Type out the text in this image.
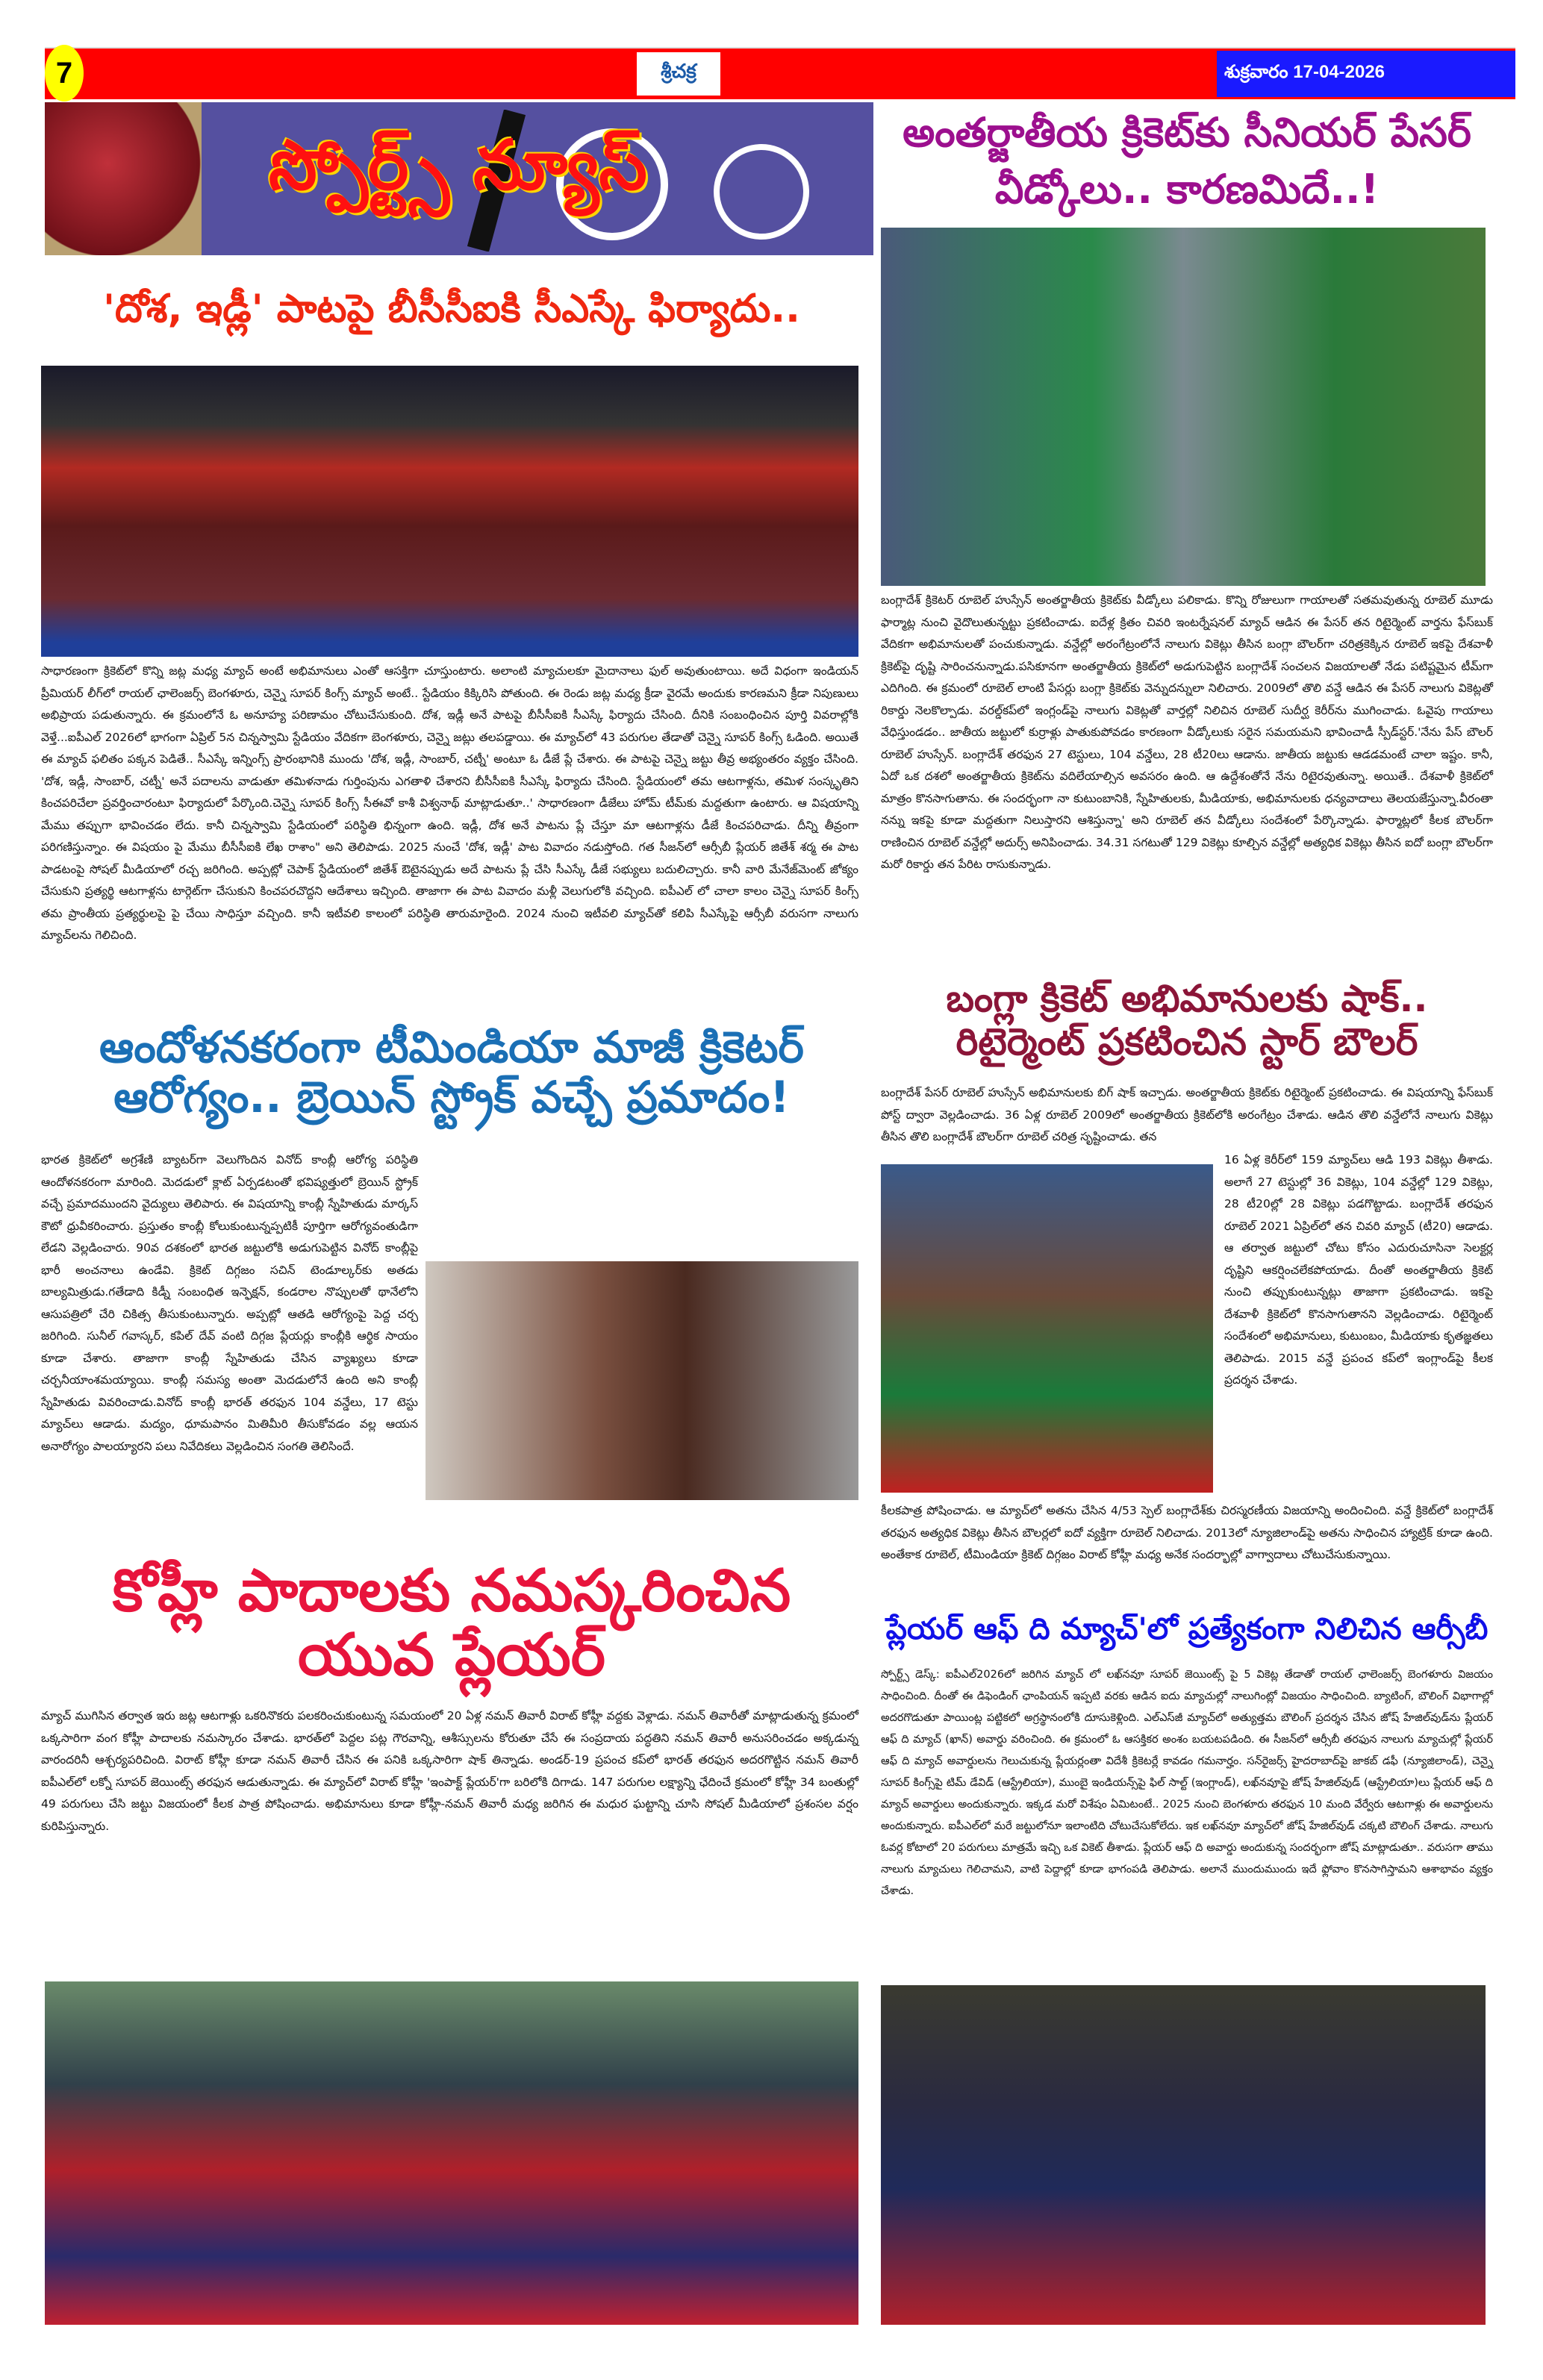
7	శ్రీచక్ర	శుక్రవారం 17-04-2026
స్పోర్ట్స్ న్యూస్
'దోశ, ఇడ్లీ' పాటపై బీసీసీఐకి సీఎస్కే ఫిర్యాదు..
సాధారణంగా క్రికెట్‌లో కొన్ని జట్ల మధ్య మ్యాచ్ అంటే అభిమానులు ఎంతో ఆసక్తిగా చూస్తుంటారు. అలాంటి మ్యాచులకూ మైదానాలు ఫుల్ అవుతుంటాయి. అదే విధంగా ఇండియన్ ప్రీమియర్ లీగ్‌లో రాయల్ ఛాలెంజర్స్ బెంగళూరు, చెన్నై సూపర్ కింగ్స్ మ్యాచ్ అంటే.. స్టేడియం కిక్కిరిసి పోతుంది. ఈ రెండు జట్ల మధ్య క్రీడా వైరమే అందుకు కారణమని క్రీడా నిపుణులు అభిప్రాయ పడుతున్నారు. ఈ క్రమంలోనే ఓ అనూహ్య పరిణామం చోటుచేసుకుంది. దోశ, ఇడ్లీ అనే పాటపై బీసీసీఐకి సీఎస్కే ఫిర్యాదు చేసింది. దీనికి సంబంధించిన పూర్తి వివరాల్లోకి వెళ్తే...ఐపీఎల్ 2026లో భాగంగా ఏప్రిల్ 5న చిన్నస్వామి స్టేడియం వేదికగా బెంగళూరు, చెన్నై జట్లు తలపడ్డాయి. ఈ మ్యాచ్‌లో 43 పరుగుల తేడాతో చెన్నై సూపర్ కింగ్స్ ఓడింది. అయితే ఈ మ్యాచ్ ఫలితం పక్కన పెడితే.. సీఎస్కే ఇన్నింగ్స్ ప్రారంభానికి ముందు 'దోశ, ఇడ్లీ, సాంబార్, చట్నీ' అంటూ ఓ డీజే ప్లే చేశారు. ఈ పాటపై చెన్నై జట్టు తీవ్ర అభ్యంతరం వ్యక్తం చేసింది. 'దోశ, ఇడ్లీ, సాంబార్, చట్నీ' అనే పదాలను వాడుతూ తమిళనాడు గుర్తింపును ఎగతాళి చేశారని బీసీసీఐకి సీఎస్కే ఫిర్యాదు చేసింది. స్టేడియంలో తమ ఆటగాళ్లను, తమిళ సంస్కృతిని కించపరిచేలా ప్రవర్తించారంటూ ఫిర్యాదులో పేర్కొంది.చెన్నై సూపర్ కింగ్స్ సీఈవో కాశీ విశ్వనాథ్ మాట్లాడుతూ..' సాధారణంగా డీజేలు హోమ్ టీమ్‌కు మద్దతుగా ఉంటారు. ఆ విషయాన్ని మేము తప్పుగా భావించడం లేదు. కానీ చిన్నస్వామి స్టేడియంలో పరిస్థితి భిన్నంగా ఉంది. ఇడ్లీ, దోశ అనే పాటను ప్లే చేస్తూ మా ఆటగాళ్లను డీజే కించపరిచాడు. దీన్ని తీవ్రంగా పరిగణిస్తున్నాం. ఈ విషయం పై మేము బీసీసీఐకి లేఖ రాశాం" అని తెలిపాడు. 2025 నుంచే 'దోశ, ఇడ్లీ' పాట వివాదం నడుస్తోంది. గత సీజన్‌లో ఆర్సీబీ ప్లేయర్ జితేశ్ శర్మ ఈ పాట పాడటంపై సోషల్ మీడియాలో రచ్చ జరిగింది. అప్పట్లో చెపాక్ స్టేడియంలో జితేశ్ ఔటైనప్పుడు అదే పాటను ప్లే చేసి సీఎస్కే డీజే సభ్యులు బదులిచ్చారు. కానీ వారి మేనేజ్‌మెంట్ జోక్యం చేసుకుని ప్రత్యర్థి ఆటగాళ్లను టార్గెట్‌గా చేసుకుని కించపరచొద్దని ఆదేశాలు ఇచ్చింది. తాజాగా ఈ పాట వివాదం మళ్లీ వెలుగులోకి వచ్చింది. ఐపీఎల్ లో చాలా కాలం చెన్నై సూపర్ కింగ్స్ తమ ప్రాంతీయ ప్రత్యర్థులపై పై చేయి సాధిస్తూ వచ్చింది. కానీ ఇటీవలి కాలంలో పరిస్థితి తారుమారైంది. 2024 నుంచి ఇటీవలి మ్యాచ్‌తో కలిపి సీఎస్కేపై ఆర్సీబీ వరుసగా నాలుగు మ్యాచ్‌లను గెలిచింది.
ఆందోళనకరంగా టీమిండియా మాజీ క్రికెటర్ ఆరోగ్యం.. బ్రెయిన్ స్ట్రోక్ వచ్చే ప్రమాదం!
భారత క్రికెట్‌లో అగ్రశేణి బ్యాటర్‌గా వెలుగొందిన వినోద్ కాంబ్లీ ఆరోగ్య పరిస్థితి ఆందోళనకరంగా మారింది. మెదడులో క్లాట్ ఏర్పడటంతో భవిష్యత్తులో బ్రెయిన్ స్ట్రోక్ వచ్చే ప్రమాదముందని వైద్యులు తెలిపారు. ఈ విషయాన్ని కాంబ్లీ స్నేహితుడు మార్కస్ కౌటో ధ్రువీకరించారు. ప్రస్తుతం కాంబ్లీ కోలుకుంటున్నప్పటికీ పూర్తిగా ఆరోగ్యవంతుడిగా లేడని వెల్లడించారు. 90వ దశకంలో భారత జట్టులోకి అడుగుపెట్టిన వినోద్ కాంబ్లీపై భారీ అంచనాలు ఉండేవి. క్రికెట్ దిగ్గజం సచిన్ టెండూల్కర్‌కు అతడు బాల్యమిత్రుడు.గతేడాది కిడ్నీ సంబంధిత ఇన్ఫెక్షన్, కండరాల నొప్పులతో థానేలోని ఆసుపత్రిలో చేరి చికిత్స తీసుకుంటున్నారు. అప్పట్లో ఆతడి ఆరోగ్యంపై పెద్ద చర్చ జరిగింది. సునీల్ గవాస్కర్, కపిల్ దేవ్ వంటి దిగ్గజ ప్లేయర్లు కాంబ్లీకి ఆర్థిక సాయం కూడా చేశారు. తాజాగా కాంబ్లీ స్నేహితుడు చేసిన వ్యాఖ్యలు కూడా చర్చనీయాంశమయ్యాయి. కాంబ్లీ సమస్య అంతా మెదడులోనే ఉంది అని కాంబ్లీ స్నేహితుడు వివరించాడు.వినోద్ కాంబ్లీ భారత్ తరఫున 104 వన్డేలు, 17 టెస్టు మ్యాచ్‌లు ఆడాడు. మద్యం, ధూమపానం మితిమీరి తీసుకోవడం వల్ల ఆయన అనారోగ్యం పాలయ్యారని పలు నివేదికలు వెల్లడించిన సంగతి తెలిసిందే.
కోహ్లీ పాదాలకు నమస్కరించిన యువ ప్లేయర్
మ్యాచ్ ముగిసిన తర్వాత ఇరు జట్ల ఆటగాళ్లు ఒకరినొకరు పలకరించుకుంటున్న సమయంలో 20 ఏళ్ల నమన్ తివారీ విరాట్ కోహ్లీ వద్దకు వెళ్లాడు. నమన్ తివారీతో మాట్లాడుతున్న క్రమంలో ఒక్కసారిగా వంగ కోహ్లీ పాదాలకు నమస్కారం చేశాడు. భారత్‌లో పెద్దల పట్ల గౌరవాన్ని, ఆశీస్సులను కోరుతూ చేసే ఈ సంప్రదాయ పద్ధతిని నమన్ తివారీ అనుసరించడం అక్కడున్న వారందరినీ ఆశ్చర్యపరిచింది. విరాట్ కోహ్లీ కూడా నమన్ తివారీ చేసిన ఈ పనికి ఒక్కసారిగా షాక్ తిన్నాడు. అండర్-19 ప్రపంచ కప్‌లో భారత్ తరఫున అదరగొట్టిన నమన్ తివారీ ఐపీఎల్‌లో లక్నో సూపర్ జెయింట్స్ తరఫున ఆడుతున్నాడు. ఈ మ్యాచ్‌లో విరాట్ కోహ్లీ 'ఇంపాక్ట్ ప్లేయర్'గా బరిలోకి దిగాడు. 147 పరుగుల లక్ష్యాన్ని ఛేదించే క్రమంలో కోహ్లీ 34 బంతుల్లో 49 పరుగులు చేసి జట్టు విజయంలో కీలక పాత్ర పోషించాడు. అభిమానులు కూడా కోహ్లీ-నమన్ తివారీ మధ్య జరిగిన ఈ మధుర ఘట్టాన్ని చూసి సోషల్ మీడియాలో ప్రశంసల వర్షం కురిపిస్తున్నారు.
అంతర్జాతీయ క్రికెట్‌కు సీనియర్ పేసర్ వీడ్కోలు.. కారణమిదే..!
బంగ్లాదేశ్ క్రికెటర్ రూబెల్ హుస్సేన్ అంతర్జాతీయ క్రికెట్‌కు వీడ్కోలు పలికాడు. కొన్ని రోజులుగా గాయాలతో సతమవుతున్న రూబెల్ మూడు ఫార్మాట్ల నుంచి వైదొలుతున్నట్టు ప్రకటించాడు. ఐదేళ్ల క్రితం చివరి ఇంటర్నేషనల్ మ్యాచ్ ఆడిన ఈ పేసర్ తన రిటైర్మెంట్ వార్తను ఫేస్‌బుక్ వేదికగా అభిమానులతో పంచుకున్నాడు. వన్డేల్లో అరంగేట్రంలోనే నాలుగు వికెట్లు తీసిన బంగ్లా బౌలర్‌గా చరిత్రకెక్కిన రూబెల్ ఇకపై దేశవాళీ క్రికెట్‌పై దృష్టి సారించనున్నాడు.పసికూనగా అంతర్జాతీయ క్రికెట్‌లో అడుగుపెట్టిన బంగ్లాదేశ్ సంచలన విజయాలతో నేడు పటిష్టమైన టీమ్‌గా ఎదిగింది. ఈ క్రమంలో రూబెల్ లాంటి పేసర్లు బంగ్లా క్రికెట్‌కు వెన్నుదన్నులా నిలిచారు. 2009లో తొలి వన్డే ఆడిన ఈ పేసర్ నాలుగు వికెట్లతో రికార్డు నెలకొల్పాడు. వరల్డ్‌కప్‌లో ఇంగ్లండ్‌పై నాలుగు వికెట్లతో వార్తల్లో నిలిచిన రూబెల్ సుదీర్ఘ కెరీర్‌ను ముగించాడు. ఓవైపు గాయాలు వేధిస్తుండడం.. జాతీయ జట్టులో కుర్రాళ్లు పాతుకుపోవడం కారణంగా వీడ్కోలుకు సరైన సమయమని భావించాడీ స్పీడ్‌స్టర్.'నేను పేస్ బౌలర్ రూబెల్ హుస్సేన్. బంగ్లాదేశ్ తరఫున 27 టెస్టులు, 104 వన్డేలు, 28 టీ20లు ఆడాను. జాతీయ జట్టుకు ఆడడమంటే చాలా ఇష్టం. కానీ, ఏదో ఒక దశలో అంతర్జాతీయ క్రికెట్‌ను వదిలేయాల్సిన అవసరం ఉంది. ఆ ఉద్దేశంతోనే నేను రిటైరవుతున్నా. అయితే.. దేశవాళీ క్రికెట్‌లో మాత్రం కొనసాగుతాను. ఈ సందర్భంగా నా కుటుంబానికి, స్నేహితులకు, మీడియాకు, అభిమానులకు ధన్యవాదాలు తెలయజేస్తున్నా.వీరంతా నన్ను ఇకపై కూడా మద్దతుగా నిలుస్తారని ఆశిస్తున్నా' అని రూబెల్ తన వీడ్కోలు సందేశంలో పేర్కొన్నాడు. ఫార్మాట్లలో కీలక బౌలర్‌గా రాణించిన రూబెల్ వన్డేల్లో అదుర్స్ అనిపించాడు. 34.31 సగటుతో 129 వికెట్లు కూల్చిన వన్డేల్లో అత్యధిక వికెట్లు తీసిన ఐదో బంగ్లా బౌలర్‌గా మరో రికార్డు తన పేరిట రాసుకున్నాడు.
బంగ్లా క్రికెట్ అభిమానులకు షాక్.. రిటైర్మెంట్ ప్రకటించిన స్టార్ బౌలర్
బంగ్లాదేశ్ పేసర్ రూబెల్ హుస్సేన్ అభిమానులకు బిగ్ షాక్ ఇచ్చాడు. అంతర్జాతీయ క్రికెట్‌కు రిటైర్మెంట్ ప్రకటించాడు. ఈ విషయాన్ని ఫేస్‌బుక్ పోస్ట్ ద్వారా వెల్లడించాడు. 36 ఏళ్ల రూబెల్ 2009లో అంతర్జాతీయ క్రికెట్‌లోకి అరంగేట్రం చేశాడు. ఆడిన తొలి వన్డేలోనే నాలుగు వికెట్లు తీసిన తొలి బంగ్లాదేశ్ బౌలర్‌గా రూబెల్ చరిత్ర సృష్టించాడు. తన
16 ఏళ్ల కెరీర్‌లో 159 మ్యాచ్‌లు ఆడి 193 వికెట్లు తీశాడు. అలాగే 27 టెస్టుల్లో 36 వికెట్లు, 104 వన్డేల్లో 129 వికెట్లు, 28 టీ20ల్లో 28 వికెట్లు పడగొట్టాడు. బంగ్లాదేశ్ తరఫున రూబెల్ 2021 ఏప్రిల్‌లో తన చివరి మ్యాచ్ (టీ20) ఆడాడు. ఆ తర్వాత జట్టులో చోటు కోసం ఎదురుచూసినా సెలక్టర్ల దృష్టిని ఆకర్షించలేకపోయాడు. దీంతో అంతర్జాతీయ క్రికెట్ నుంచి తప్పుకుంటున్నట్లు తాజాగా ప్రకటించాడు. ఇకపై దేశవాళీ క్రికెట్‌లో కొనసాగుతానని వెల్లడించాడు. రిటైర్మెంట్ సందేశంలో అభిమానులు, కుటుంబం, మీడియాకు కృతజ్ఞతలు తెలిపాడు. 2015 వన్డే ప్రపంచ కప్‌లో ఇంగ్లాండ్‌పై కీలక ప్రదర్శన చేశాడు.
కీలకపాత్ర పోషించాడు. ఆ మ్యాచ్‌లో అతను చేసిన 4/53 స్పెల్ బంగ్లాదేశ్‌కు చిరస్మరణీయ విజయాన్ని అందించింది. వన్డే క్రికెట్‌లో బంగ్లాదేశ్ తరఫున అత్యధిక వికెట్లు తీసిన బౌలర్లలో ఐదో వ్యక్తిగా రూబెల్ నిలిచాడు. 2013లో న్యూజిలాండ్‌పై అతను సాధించిన హ్యాట్రిక్ కూడా ఉంది. అంతేకాక రూబెల్, టీమిండియా క్రికెట్ దిగ్గజం విరాట్ కోహ్లీ మధ్య అనేక సందర్భాల్లో వాగ్వాదాలు చోటుచేసుకున్నాయి.
ప్లేయర్ ఆఫ్ ది మ్యాచ్'లో ప్రత్యేకంగా నిలిచిన ఆర్సీబీ
స్పోర్ట్స్ డెస్క్: ఐపీఎల్2026లో జరిగిన మ్యాచ్ లో లఖ్‌నవూ సూపర్ జెయింట్స్ పై 5 వికెట్ల తేడాతో రాయల్ ఛాలెంజర్స్ బెంగళూరు విజయం సాధించింది. దీంతో ఈ డిఫెండింగ్ ఛాంపియన్ ఇప్పటి వరకు ఆడిన ఐదు మ్యాచుల్లో నాలుగింట్లో విజయం సాధించింది. బ్యాటింగ్, బౌలింగ్ విభాగాల్లో అదరగొడుతూ పాయింట్ల పట్టికలో అగ్రస్థానంలోకి దూసుకెళ్లింది. ఎల్ఎస్‌జీ మ్యాచ్‌లో అత్యుత్తమ బౌలింగ్ ప్రదర్శన చేసిన జోష్ హేజిల్‌వుడ్‌ను ప్లేయర్ ఆఫ్ ది మ్యాచ్ (ఖాన్) అవార్డు వరించింది. ఈ క్రమంలో ఓ ఆసక్తికర అంశం బయటపడింది. ఈ సీజన్‌లో ఆర్సీబీ తరఫున నాలుగు మ్యాచుల్లో ప్లేయర్ ఆఫ్ ది మ్యాచ్ అవార్డులను గెలుచుకున్న ప్లేయర్లంతా విదేశీ క్రికెటర్లే కావడం గమనార్హం. సన్‌రైజర్స్ హైదరాబాద్‌పై జాకబ్ డఫీ (న్యూజిలాండ్), చెన్నై సూపర్ కింగ్స్‌పై టిమ్ డేవిడ్ (ఆస్ట్రేలియా), ముంబై ఇండియన్స్‌పై ఫిల్ సాల్ట్ (ఇంగ్లాండ్), లఖ్‌నవూపై జోష్ హేజిల్‌వుడ్ (ఆస్ట్రేలియా)లు ప్లేయర్ ఆఫ్ ది మ్యాచ్ అవార్డులు అందుకున్నారు. ఇక్కడ మరో విశేషం ఏమిటంటే.. 2025 నుంచి బెంగళూరు తరఫున 10 మంది వేర్వేరు ఆటగాళ్లు ఈ అవార్డులను అందుకున్నారు. ఐపీఎల్‌లో మరే జట్టులోనూ ఇలాంటిది చోటుచేసుకోలేదు. ఇక లఖ్‌నవూ మ్యాచ్‌లో జోష్ హేజిల్‌వుడ్ చక్కటి బౌలింగ్ చేశాడు. నాలుగు ఓవర్ల కోటాలో 20 పరుగులు మాత్రమే ఇచ్చి ఒక వికెట్ తీశాడు. ప్లేయర్ ఆఫ్ ది అవార్డు అందుకున్న సందర్భంగా జోష్ మాట్లాడుతూ.. వరుసగా తాము నాలుగు మ్యాచులు గెలిచామని, వాటి పెద్దాల్లో కూడా భాగంపడి తెలిపాడు. అలానే ముందుముందు ఇదే ఫ్లోవాం కొనసాగిస్తామని ఆశాభావం వ్యక్తం చేశాడు.
